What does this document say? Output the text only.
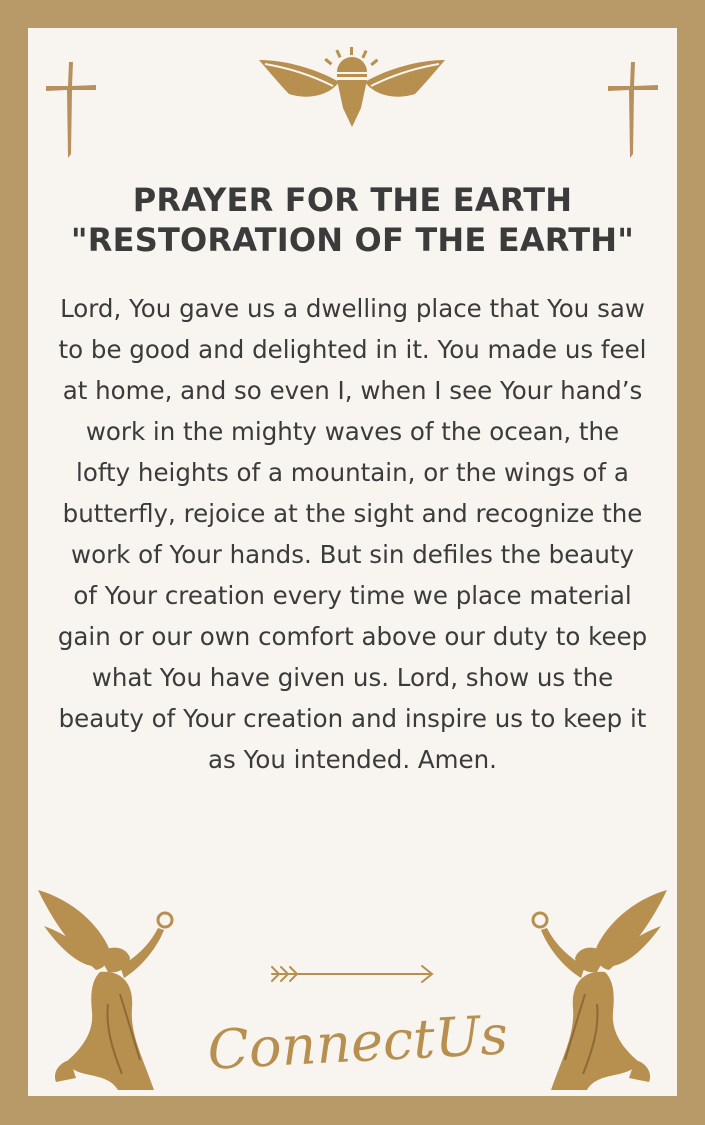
PRAYER FOR THE EARTH
"RESTORATION OF THE EARTH"
Lord, You gave us a dwelling place that You saw to be good and delighted in it. You made us feel at home, and so even I, when I see Your hand’s work in the mighty waves of the ocean, the lofty heights of a mountain, or the wings of a butterfly, rejoice at the sight and recognize the work of Your hands. But sin defiles the beauty of Your creation every time we place material gain or our own comfort above our duty to keep what You have given us. Lord, show us the beauty of Your creation and inspire us to keep it as You intended. Amen.
ConnectUs
